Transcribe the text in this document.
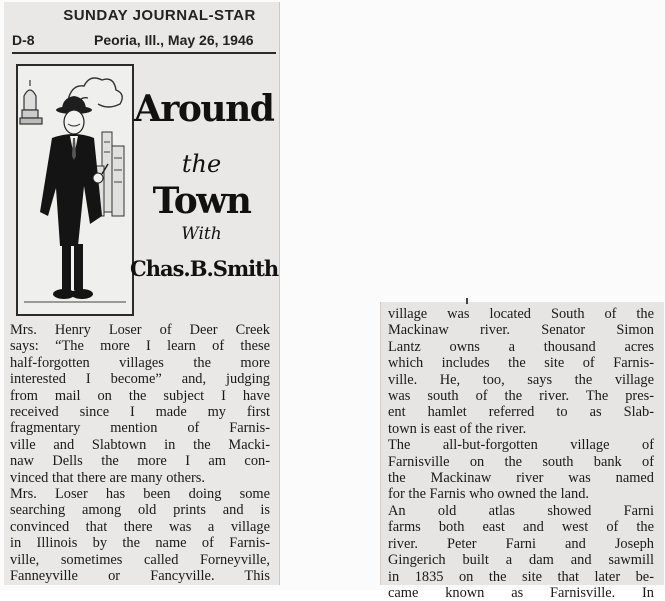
SUNDAY JOURNAL-STAR
D-8	Peoria, Ill., May 26, 1946
Around
the
Town
With
Chas.B.Smith
Mrs. Henry Loser of Deer Creek
says: “The more I learn of these
half-forgotten villages the more
interested I become” and, judging
from mail on the subject I have
received since I made my first
fragmentary mention of Farnis-
ville and Slabtown in the Macki-
naw Dells the more I am con-
vinced that there are many others.
Mrs. Loser has been doing some
searching among old prints and is
convinced that there was a village
in Illinois by the name of Farnis-
ville, sometimes called Forneyville,
Fanneyville or Fancyville. This
village was located South of the
Mackinaw river. Senator Simon
Lantz owns a thousand acres
which includes the site of Farnis-
ville. He, too, says the village
was south of the river. The pres-
ent hamlet referred to as Slab-
town is east of the river.
The all-but-forgotten village of
Farnisville on the south bank of
the Mackinaw river was named
for the Farnis who owned the land.
An old atlas showed Farni
farms both east and west of the
river. Peter Farni and Joseph
Gingerich built a dam and sawmill
in 1835 on the site that later be-
came known as Farnisville. In
